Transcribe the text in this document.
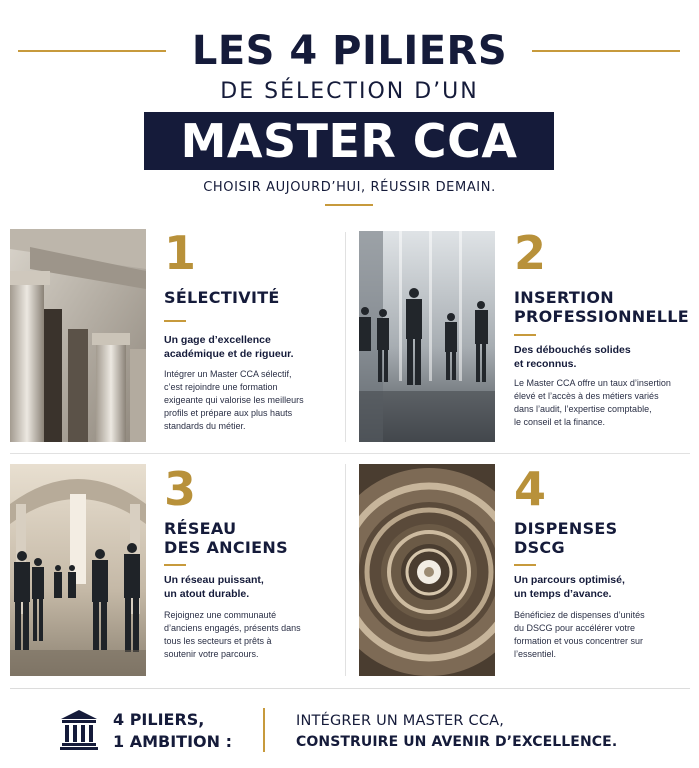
LES 4 PILIERS
DE SÉLECTION D’UN
MASTER CCA
CHOISIR AUJOURD’HUI, RÉUSSIR DEMAIN.
1
SÉLECTIVITÉ
Un gage d’excellence
académique et de rigueur.
Intégrer un Master CCA sélectif,
c’est rejoindre une formation
exigeante qui valorise les meilleurs
profils et prépare aux plus hauts
standards du métier.
2
INSERTION
PROFESSIONNELLE
Des débouchés solides
et reconnus.
Le Master CCA offre un taux d’insertion
élevé et l’accès à des métiers variés
dans l’audit, l’expertise comptable,
le conseil et la finance.
3
RÉSEAU
DES ANCIENS
Un réseau puissant,
un atout durable.
Rejoignez une communauté
d’anciens engagés, présents dans
tous les secteurs et prêts à
soutenir votre parcours.
4
DISPENSES
DSCG
Un parcours optimisé,
un temps d’avance.
Bénéficiez de dispenses d’unités
du DSCG pour accélérer votre
formation et vous concentrer sur
l’essentiel.
4 PILIERS,
1 AMBITION :
INTÉGRER UN MASTER CCA,
CONSTRUIRE UN AVENIR D’EXCELLENCE.
